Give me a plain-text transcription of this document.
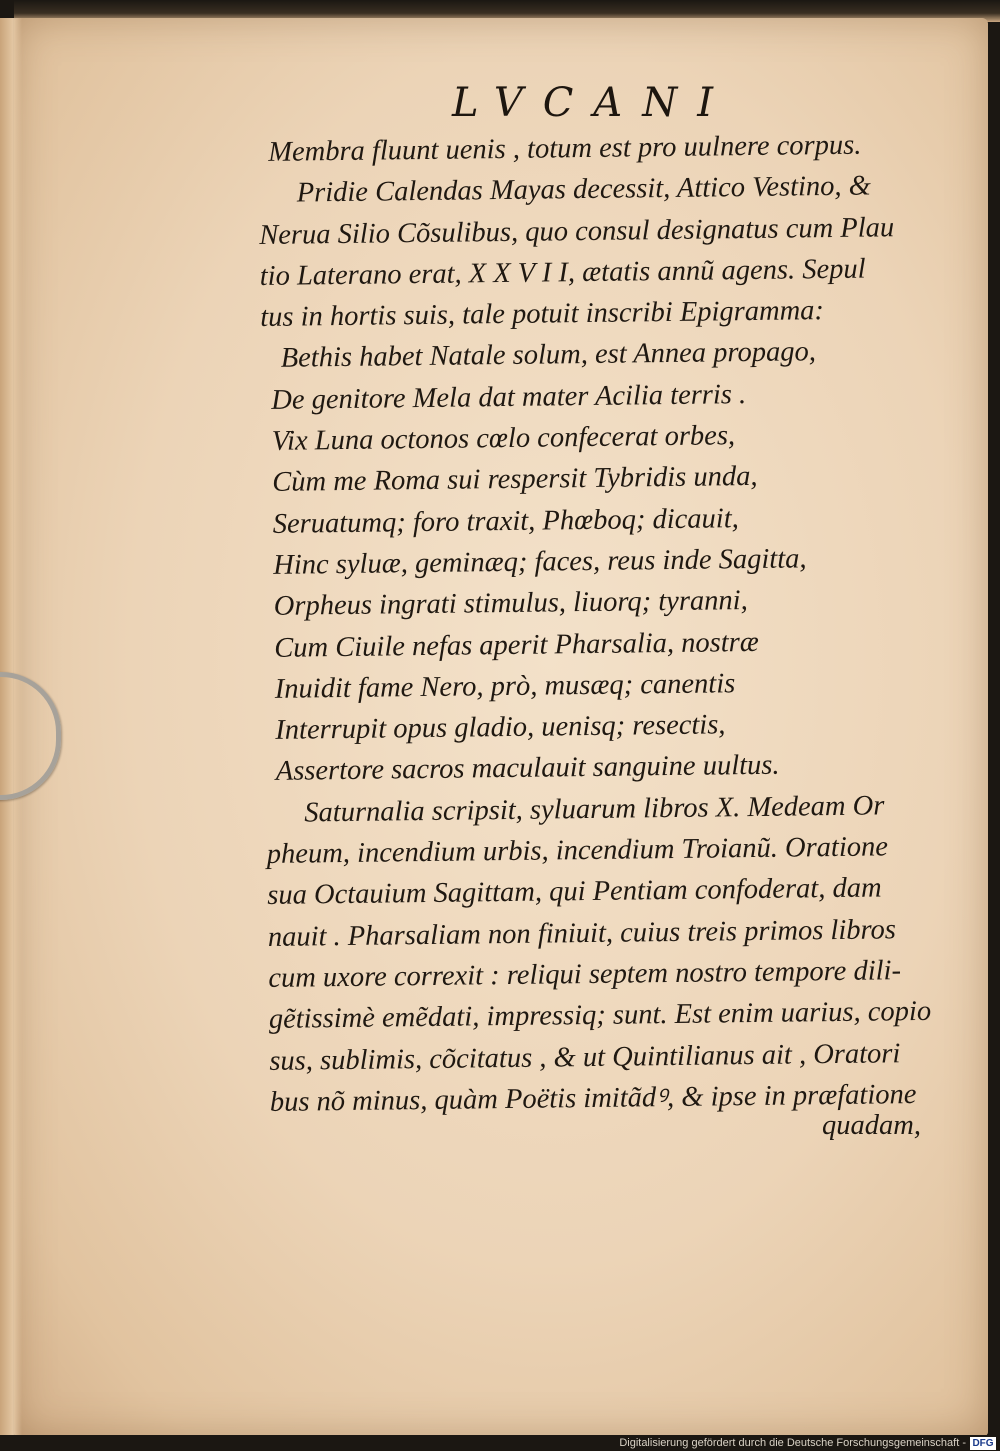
LVCANI
Membra fluunt uenis , totum est pro uulnere corpus.
Pridie Calendas Mayas decessit, Attico Vestino, &
Nerua Silio Cõsulibus, quo consul designatus cum Plau
tio Laterano erat, X X V I I, ætatis annũ agens. Sepul
tus in hortis suis, tale potuit inscribi Epigramma:
Bethis habet Natale solum, est Annea propago,
De genitore Mela dat mater Acilia terris .
Vix Luna octonos cœlo confecerat orbes,
Cùm me Roma sui respersit Tybridis unda,
Seruatumq; foro traxit, Phœboq; dicauit,
Hinc syluæ, geminæq; faces, reus inde Sagitta,
Orpheus ingrati stimulus, liuorq; tyranni,
Cum Ciuile nefas aperit Pharsalia, nostræ
Inuidit fame Nero, prò, musæq; canentis
Interrupit opus gladio, uenisq; resectis,
Assertore sacros maculauit sanguine uultus.
Saturnalia scripsit, syluarum libros X. Medeam Or
pheum, incendium urbis, incendium Troianũ. Oratione
sua Octauium Sagittam, qui Pentiam confoderat, dam
nauit . Pharsaliam non finiuit, cuius treis primos libros
cum uxore correxit : reliqui septem nostro tempore dili-
gẽtissimè emẽdati, impressiq; sunt. Est enim uarius, copio
sus, sublimis, cõcitatus , & ut Quintilianus ait , Oratori
bus nõ minus, quàm Poëtis imitãdꝰ, & ipse in præfatione
quadam,
Digitalisierung gefördert durch die Deutsche Forschungsgemeinschaft - DFG
